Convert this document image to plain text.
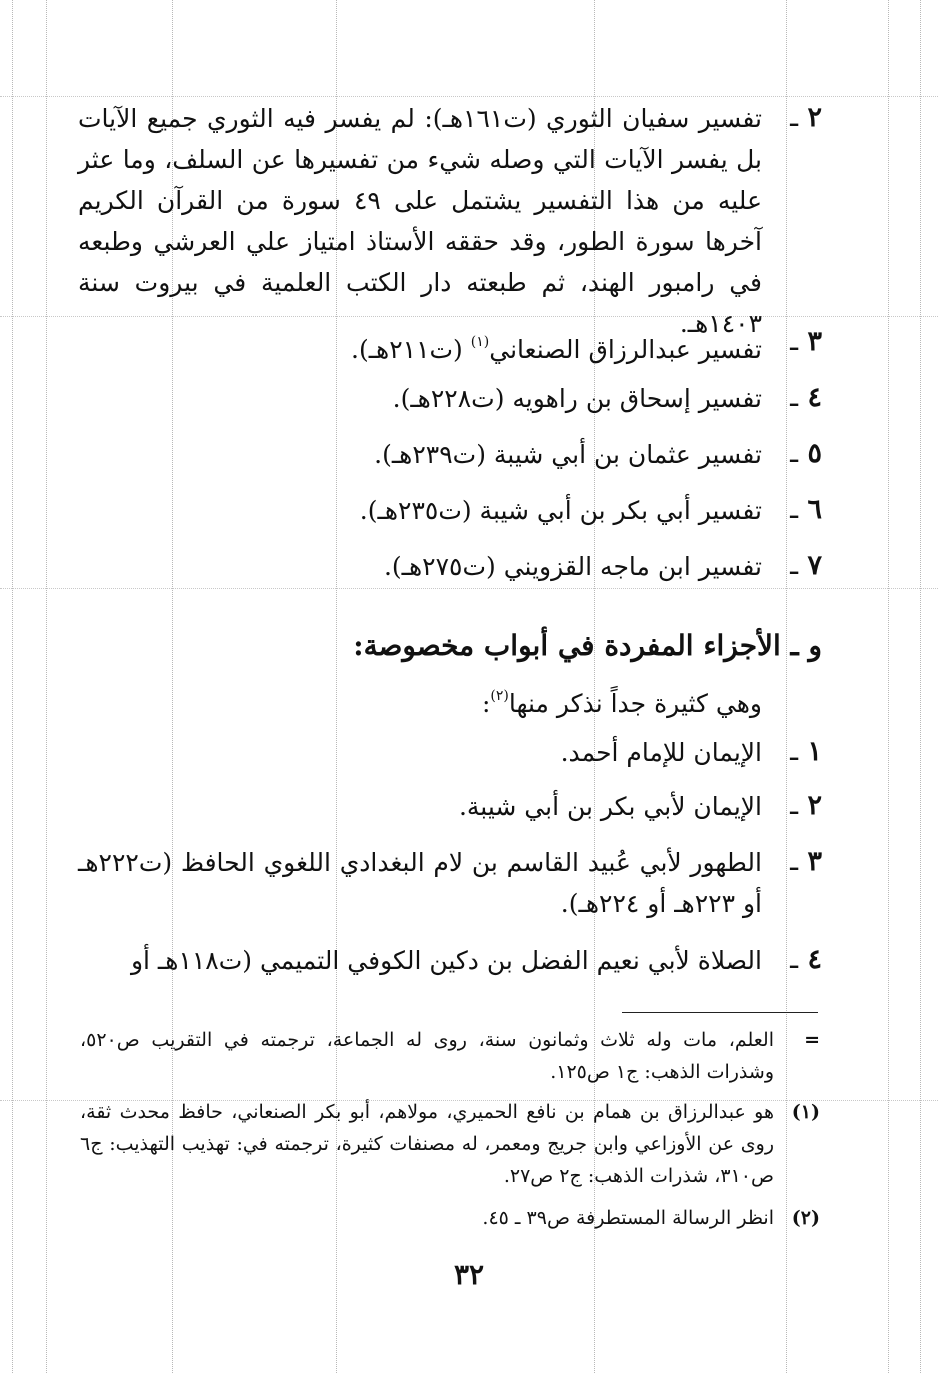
٢ ـ
تفسير سفيان الثوري (ت١٦١هـ): لم يفسر فيه الثوري جميع الآيات بل يفسر الآيات التي وصله شيء من تفسيرها عن السلف، وما عثر عليه من هذا التفسير يشتمل على ٤٩ سورة من القرآن الكريم آخرها سورة الطور، وقد حققه الأستاذ امتياز علي العرشي وطبعه في رامبور الهند، ثم طبعته دار الكتب العلمية في بيروت سنة ١٤٠٣هـ.
٣ ـ
تفسير عبدالرزاق الصنعاني$^{(١)}$ (ت٢١١هـ).
٤ ـ
تفسير إسحاق بن راهويه (ت٢٢٨هـ).
٥ ـ
تفسير عثمان بن أبي شيبة (ت٢٣٩هـ).
٦ ـ
تفسير أبي بكر بن أبي شيبة (ت٢٣٥هـ).
٧ ـ
تفسير ابن ماجه القزويني (ت٢٧٥هـ).
و ـ الأجزاء المفردة في أبواب مخصوصة:
وهي كثيرة جداً نذكر منها$^{(٢)}$:
١ ـ
الإيمان للإمام أحمد.
٢ ـ
الإيمان لأبي بكر بن أبي شيبة.
٣ ـ
الطهور لأبي عُبيد القاسم بن لام البغدادي اللغوي الحافظ (ت٢٢٢هـ أو ٢٢٣هـ أو ٢٢٤هـ).
٤ ـ
الصلاة لأبي نعيم الفضل بن دكين الكوفي التميمي (ت١١٨هـ أو
=
العلم، مات وله ثلاث وثمانون سنة، روى له الجماعة، ترجمته في التقريب ص٥٢٠، وشذرات الذهب: ج١ ص١٢٥.
(١)
هو عبدالرزاق بن همام بن نافع الحميري، مولاهم، أبو بكر الصنعاني، حافظ محدث ثقة، روى عن الأوزاعي وابن جريج ومعمر، له مصنفات كثيرة، ترجمته في: تهذيب التهذيب: ج٦ ص٣١٠، شذرات الذهب: ج٢ ص٢٧.
(٢)
انظر الرسالة المستطرفة ص٣٩ ـ ٤٥.
٣٢
